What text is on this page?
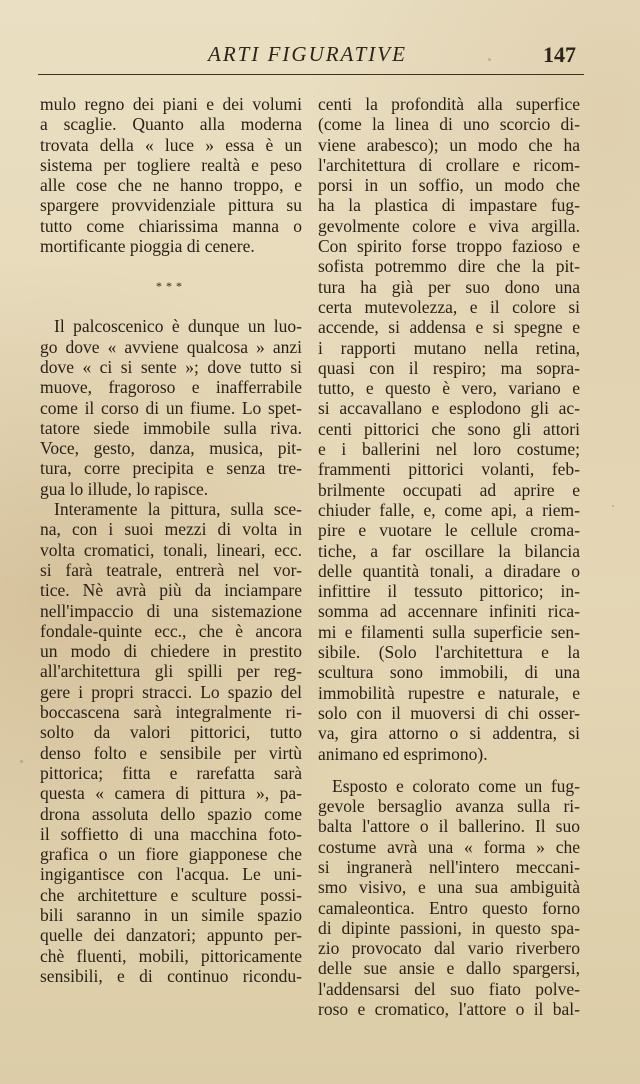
ARTI FIGURATIVE	147

mulo regno dei piani e dei volumi
a scaglie. Quanto alla moderna
trovata della « luce » essa è un
sistema per togliere realtà e peso
alle cose che ne hanno troppo, e
spargere provvidenziale pittura su
tutto come chiarissima manna o
mortificante pioggia di cenere.

***

Il palcoscenico è dunque un luo-
go dove « avviene qualcosa » anzi
dove « ci si sente »; dove tutto si
muove, fragoroso e inafferrabile
come il corso di un fiume. Lo spet-
tatore siede immobile sulla riva.
Voce, gesto, danza, musica, pit-
tura, corre precipita e senza tre-
gua lo illude, lo rapisce.

Interamente la pittura, sulla sce-
na, con i suoi mezzi di volta in
volta cromatici, tonali, lineari, ecc.
si farà teatrale, entrerà nel vor-
tice. Nè avrà più da inciampare
nell'impaccio di una sistemazione
fondale-quinte ecc., che è ancora
un modo di chiedere in prestito
all'architettura gli spilli per reg-
gere i propri stracci. Lo spazio del
boccascena sarà integralmente ri-
solto da valori pittorici, tutto
denso folto e sensibile per virtù
pittorica; fitta e rarefatta sarà
questa « camera di pittura », pa-
drona assoluta dello spazio come
il soffietto di una macchina foto-
grafica o un fiore giapponese che
ingigantisce con l'acqua. Le uni-
che architetture e sculture possi-
bili saranno in un simile spazio
quelle dei danzatori; appunto per-
chè fluenti, mobili, pittoricamente
sensibili, e di continuo ricondu-

centi la profondità alla superfice
(come la linea di uno scorcio di-
viene arabesco); un modo che ha
l'architettura di crollare e ricom-
porsi in un soffio, un modo che
ha la plastica di impastare fug-
gevolmente colore e viva argilla.
Con spirito forse troppo fazioso e
sofista potremmo dire che la pit-
tura ha già per suo dono una
certa mutevolezza, e il colore si
accende, si addensa e si spegne e
i rapporti mutano nella retina,
quasi con il respiro; ma sopra-
tutto, e questo è vero, variano e
si accavallano e esplodono gli ac-
centi pittorici che sono gli attori
e i ballerini nel loro costume;
frammenti pittorici volanti, feb-
brilmente occupati ad aprire e
chiuder falle, e, come api, a riem-
pire e vuotare le cellule croma-
tiche, a far oscillare la bilancia
delle quantità tonali, a diradare o
infittire il tessuto pittorico; in-
somma ad accennare infiniti rica-
mi e filamenti sulla superficie sen-
sibile. (Solo l'architettura e la
scultura sono immobili, di una
immobilità rupestre e naturale, e
solo con il muoversi di chi osser-
va, gira attorno o si addentra, si
animano ed esprimono).

Esposto e colorato come un fug-
gevole bersaglio avanza sulla ri-
balta l'attore o il ballerino. Il suo
costume avrà una « forma » che
si ingranerà nell'intero meccani-
smo visivo, e una sua ambiguità
camaleontica. Entro questo forno
di dipinte passioni, in questo spa-
zio provocato dal vario riverbero
delle sue ansie e dallo spargersi,
l'addensarsi del suo fiato polve-
roso e cromatico, l'attore o il bal-
